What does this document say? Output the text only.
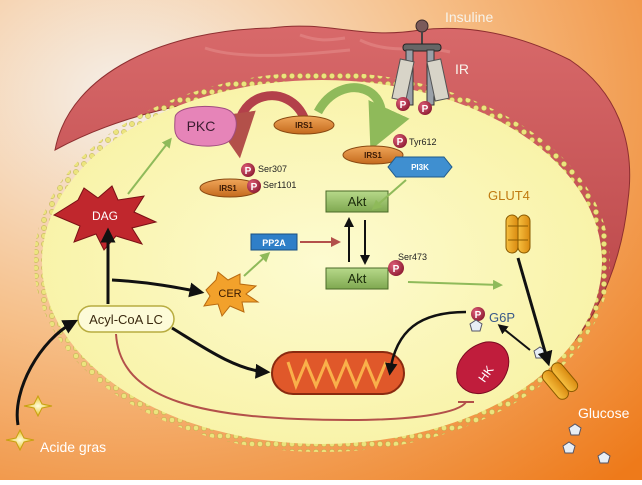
Insuline
IR
P P
PKC	IRS1
IRS1
P Tyr612
PI3K
IRS1
P Ser307
P Ser1101
DAG
Akt
Akt
P
Ser473
PP2A
CER
GLUT4
Acyl-CoA LC
HK
P G6P
Glucose
Acide gras
